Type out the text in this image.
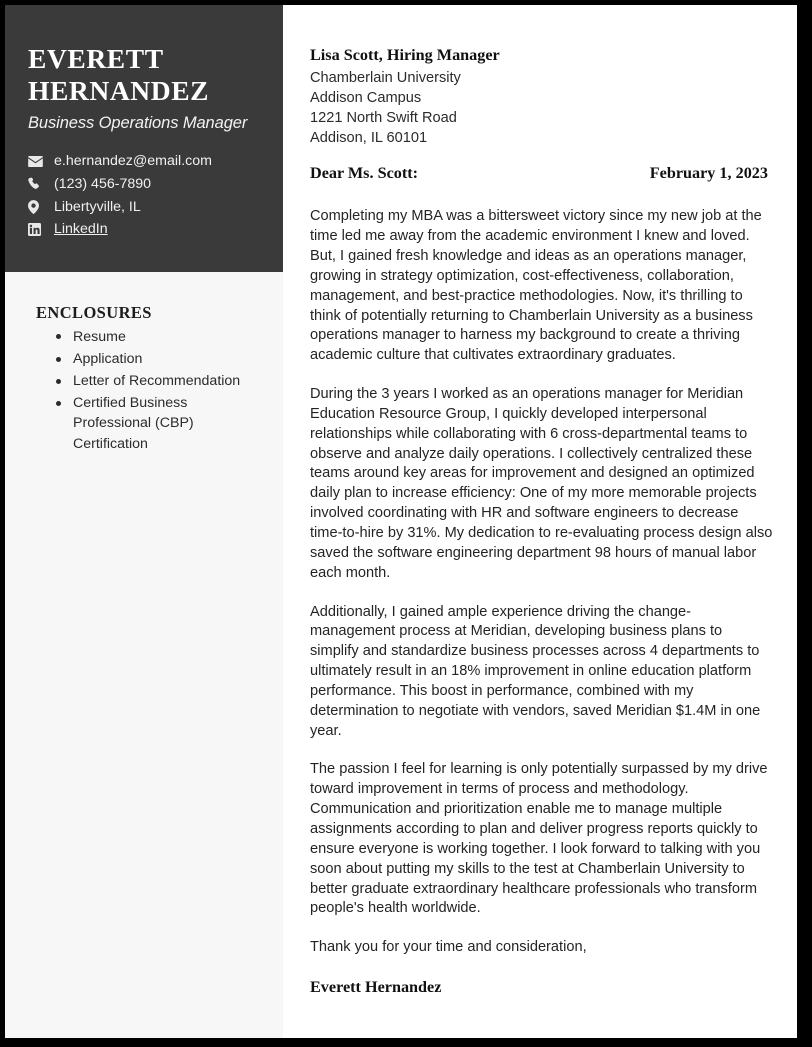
EVERETT
HERNANDEZ
Business Operations Manager
e.hernandez@email.com
(123) 456-7890
Libertyville, IL
LinkedIn
ENCLOSURES
Resume
Application
Letter of Recommendation
Certified Business Professional (CBP) Certification
Lisa Scott, Hiring Manager
Chamberlain University
Addison Campus
1221 North Swift Road
Addison, IL 60101
Dear Ms. Scott:	February 1, 2023

Completing my MBA was a bittersweet victory since my new job at the time led me away from the academic environment I knew and loved. But, I gained fresh knowledge and ideas as an operations manager, growing in strategy optimization, cost-effectiveness, collaboration, management, and best-practice methodologies. Now, it's thrilling to think of potentially returning to Chamberlain University as a business operations manager to harness my background to create a thriving academic culture that cultivates extraordinary graduates.

During the 3 years I worked as an operations manager for Meridian Education Resource Group, I quickly developed interpersonal relationships while collaborating with 6 cross-departmental teams to observe and analyze daily operations. I collectively centralized these teams around key areas for improvement and designed an optimized daily plan to increase efficiency: One of my more memorable projects involved coordinating with HR and software engineers to decrease time-to-hire by 31%. My dedication to re-evaluating process design also saved the software engineering department 98 hours of manual labor each month.

Additionally, I gained ample experience driving the change-management process at Meridian, developing business plans to simplify and standardize business processes across 4 departments to ultimately result in an 18% improvement in online education platform performance. This boost in performance, combined with my determination to negotiate with vendors, saved Meridian $1.4M in one year.

The passion I feel for learning is only potentially surpassed by my drive toward improvement in terms of process and methodology. Communication and prioritization enable me to manage multiple assignments according to plan and deliver progress reports quickly to ensure everyone is working together. I look forward to talking with you soon about putting my skills to the test at Chamberlain University to better graduate extraordinary healthcare professionals who transform people's health worldwide.

Thank you for your time and consideration,

Everett Hernandez
